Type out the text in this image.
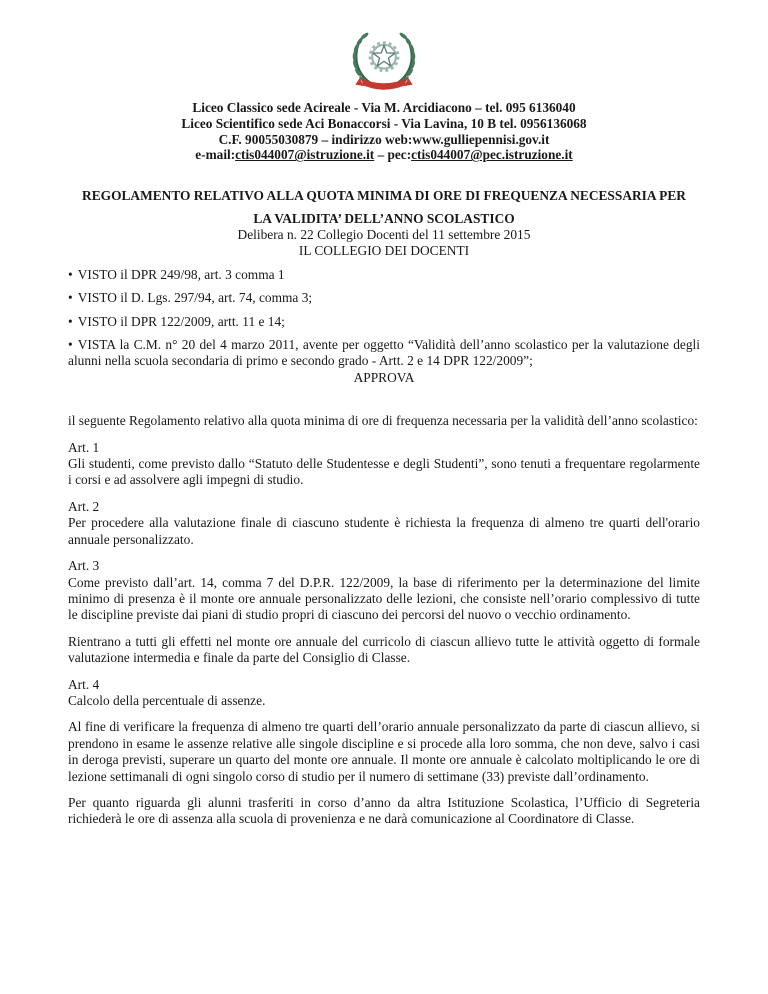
Liceo Classico sede Acireale - Via M. Arcidiacono – tel. 095 6136040
Liceo Scientifico sede Aci Bonaccorsi - Via Lavina, 10 B tel. 0956136068
C.F. 90055030879 – indirizzo web:www.gulliepennisi.gov.it
e-mail:ctis044007@istruzione.it – pec:ctis044007@pec.istruzione.it
REGOLAMENTO RELATIVO ALLA QUOTA MINIMA DI ORE DI FREQUENZA NECESSARIA PER
LA VALIDITA’ DELL’ANNO SCOLASTICO
Delibera n. 22 Collegio Docenti del 11 settembre 2015
IL COLLEGIO DEI DOCENTI

• VISTO il DPR 249/98, art. 3 comma 1

• VISTO il D. Lgs. 297/94, art. 74, comma 3;

• VISTO il DPR 122/2009, artt. 11 e 14;

• VISTA la C.M. n° 20 del 4 marzo 2011, avente per oggetto “Validità dell’anno scolastico per la valutazione degli alunni nella scuola secondaria di primo e secondo grado - Artt. 2 e 14 DPR 122/2009”;

APPROVA

il seguente Regolamento relativo alla quota minima di ore di frequenza necessaria per la validità dell’anno scolastico:

Art. 1
Gli studenti, come previsto dallo “Statuto delle Studentesse e degli Studenti”, sono tenuti a frequentare regolarmente i corsi e ad assolvere agli impegni di studio.
Art. 2
Per procedere alla valutazione finale di ciascuno studente è richiesta la frequenza di almeno tre quarti dell'orario annuale personalizzato.
Art. 3
Come previsto dall’art. 14, comma 7 del D.P.R. 122/2009, la base di riferimento per la determinazione del limite minimo di presenza è il monte ore annuale personalizzato delle lezioni, che consiste nell’orario complessivo di tutte le discipline previste dai piani di studio propri di ciascuno dei percorsi del nuovo o vecchio ordinamento.

Rientrano a tutti gli effetti nel monte ore annuale del curricolo di ciascun allievo tutte le attività oggetto di formale valutazione intermedia e finale da parte del Consiglio di Classe.

Art. 4
Calcolo della percentuale di assenze.

Al fine di verificare la frequenza di almeno tre quarti dell’orario annuale personalizzato da parte di ciascun allievo, si prendono in esame le assenze relative alle singole discipline e si procede alla loro somma, che non deve, salvo i casi in deroga previsti, superare un quarto del monte ore annuale. Il monte ore annuale è calcolato moltiplicando le ore di lezione settimanali di ogni singolo corso di studio per il numero di settimane (33) previste dall’ordinamento.

Per quanto riguarda gli alunni trasferiti in corso d’anno da altra Istituzione Scolastica, l’Ufficio di Segreteria richiederà le ore di assenza alla scuola di provenienza e ne darà comunicazione al Coordinatore di Classe.
